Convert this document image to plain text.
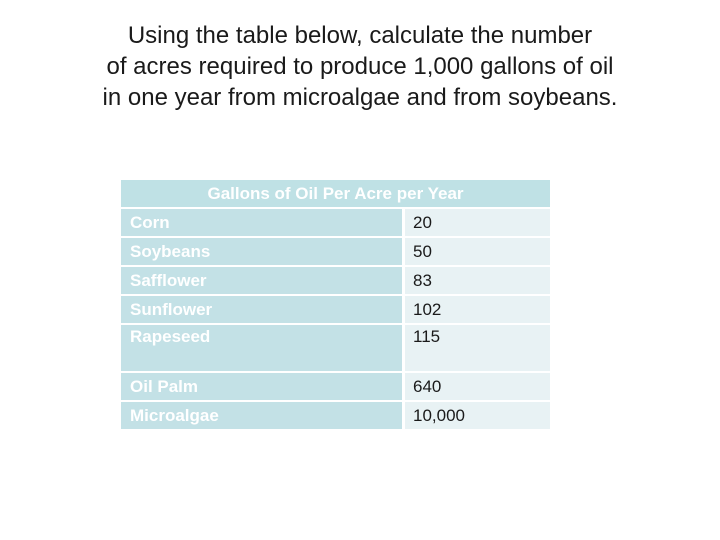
Using the table below, calculate the number
of acres required to produce 1,000 gallons of oil
in one year from microalgae and from soybeans.
Gallons of Oil Per Acre per Year	
Corn	20
Soybeans	50
Safflower	83
Sunflower	102
Rapeseed	115
Oil Palm	640
Microalgae	10,000
